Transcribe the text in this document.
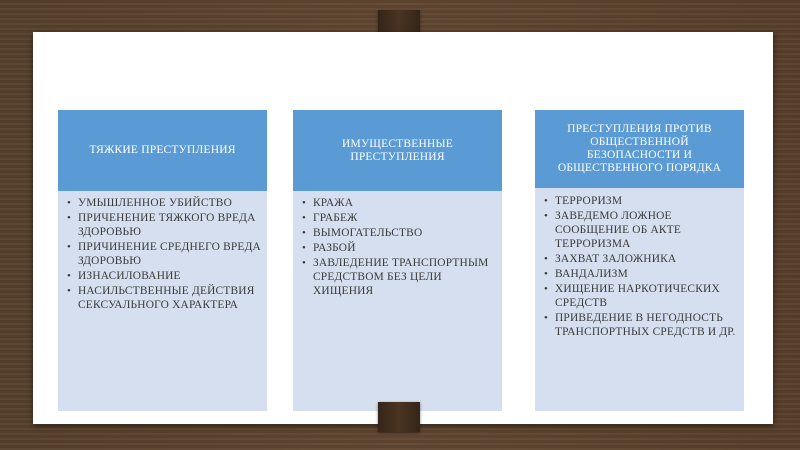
ТЯЖКИЕ ПРЕСТУПЛЕНИЯ
• УМЫШЛЕННОЕ УБИЙСТВО
• ПРИЧЕНЕНИЕ ТЯЖКОГО ВРЕДА ЗДОРОВЬЮ
• ПРИЧИНЕНИЕ СРЕДНЕГО ВРЕДА ЗДОРОВЬЮ
• ИЗНАСИЛОВАНИЕ
• НАСИЛЬСТВЕННЫЕ ДЕЙСТВИЯ СЕКСУАЛЬНОГО ХАРАКТЕРА
ИМУЩЕСТВЕННЫЕ ПРЕСТУПЛЕНИЯ
• КРАЖА
• ГРАБЕЖ
• ВЫМОГАТЕЛЬСТВО
• РАЗБОЙ
• ЗАВЛЕДЕНИЕ ТРАНСПОРТНЫМ СРЕДСТВОМ БЕЗ ЦЕЛИ ХИЩЕНИЯ
ПРЕСТУПЛЕНИЯ ПРОТИВ ОБЩЕСТВЕННОЙ БЕЗОПАСНОСТИ И ОБЩЕСТВЕННОГО ПОРЯДКА
• ТЕРРОРИЗМ
• ЗАВЕДЕМО ЛОЖНОЕ СООБЩЕНИЕ ОБ АКТЕ ТЕРРОРИЗМА
• ЗАХВАТ ЗАЛОЖНИКА
• ВАНДАЛИЗМ
• ХИЩЕНИЕ НАРКОТИЧЕСКИХ СРЕДСТВ
• ПРИВЕДЕНИЕ В НЕГОДНОСТЬ ТРАНСПОРТНЫХ СРЕДСТВ И ДР.
